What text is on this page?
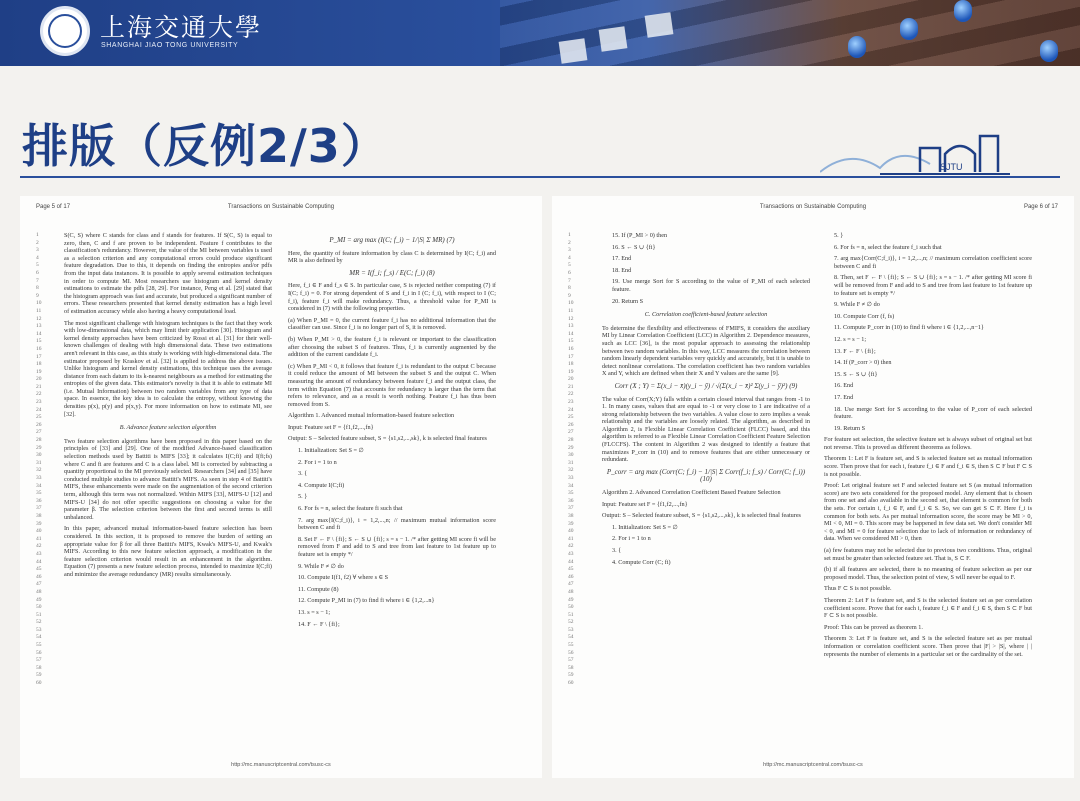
上海交通大學
SHANGHAI JIAO TONG UNIVERSITY
排版（反例2/3）	SJTU
Page 5 of 17	Transactions on Sustainable Computing
1
2
3
4
5
6
7
8
9
10
11
12
13
14
15
16
17
18
19
20
21
22
23
24
25
26
27
28
29
30
31
32
33
34
35
36
37
38
39
40
41
42
43
44
45
46
47
48
49
50
51
52
53
54
55
56
57
58
59
60

S(C, S) where C stands for class and f stands for features. If S(C, S) is equal to zero, then, C and f are proven to be independent. Feature f contributes to the classification's redundancy. However, the value of the MI between variables is used as a selection criterion and any computational errors could produce significant feature degradation. Due to this, it depends on finding the entropies and/or pdfs from the input data instances. It is possible to apply several estimation techniques in order to compute MI. Most researchers use histogram and kernel density estimations to estimate the pdfs [28, 29]. For instance, Peng et al. [29] stated that the histogram approach was fast and accurate, but produced a significant number of errors. These researchers presented that kernel density estimation has a high level of estimation accuracy while also having a heavy computational load.

The most significant challenge with histogram techniques is the fact that they work with low-dimensional data, which may limit their application [30]. Histogram and kernel density approaches have been criticized by Rossi et al. [31] for their well-known challenges of dealing with high dimensional data. These two estimations aren't relevant in this case, as this study is working with high-dimensional data. The estimator proposed by Kraskov et al. [32] is applied to address the above issues. Unlike histogram and kernel density estimations, this technique uses the average distance from each datum to its k-nearest neighbours as a method for estimating the entropies of the given data. This estimator's novelty is that it is able to estimate MI (i.e. Mutual Information) between two random variables from any type of data space. In essence, the key idea is to calculate the entropy, without knowing the densities p(x), p(y) and p(x,y). For more information on how to estimate MI, see [32].

B. Advance feature selection algorithm

Two feature selection algorithms have been proposed in this paper based on the principles of [33] and [29]. One of the modified Advance-based classification selection methods used by Battiti is MIFS [33]; it calculates I(C;fi) and I(fi;fs) where C and fi are features and C is a class label. MI is corrected by subtracting a quantity proportional to the MI previously selected. Researchers [34] and [35] have conducted multiple studies to advance Battiti's MIFS. As seen in step 4 of Battiti's MIFS, these enhancements were made on the augmentation of the second criterion term, although this term was not normalized. Within MIFS [33], MIFS-U [12] and MIFS-U [34] do not offer specific suggestions on choosing a value for the parameter β. The selection criterion between the first and second terms is still unbalanced.

In this paper, advanced mutual information-based feature selection has been considered. In this section, it is proposed to remove the burden of setting an appropriate value for β for all three Battiti's MIFS, Kwak's MIFS-U, and Kwak's MIFS. According to this new feature selection approach, a modification in the feature selection criterion would result in an enhancement in the algorithm. Equation (7) presents a new feature selection process, intended to maximize I(C;fi) and minimize the average redundancy (MR) results simultaneously.

P_MI = arg max (I(C; f_i) − 1/|S| Σ MR) (7)

Here, the quantity of feature information by class C is determined by I(C; f_i) and MR is also defined by

MR = I(f_i; f_s) / E(C; f_i) (8)

Here, f_i ∈ F and f_s ∈ S. In particular case, S is rejected neither computing (7) if I(C; f_i) = 0. For strong dependent of S and f_i in I (C; f_i), with respect to I (C; f_i), feature f_i will make redundancy. Thus, a threshold value for P_MI is considered in (7) with the following properties.

(a) When P_MI = 0, the current feature f_i has no additional information that the classifier can use. Since f_i is no longer part of S, it is removed.

(b) When P_MI > 0, the feature f_i is relevant or important to the classification after choosing the subset S of features. Thus, f_i is currently augmented by the addition of the current candidate f_i.

(c) When P_MI < 0, it follows that feature f_i is redundant to the output C because it could reduce the amount of MI between the subset S and the output C. When measuring the amount of redundancy between feature f_i and the output class, the term within Equation (7) that accounts for redundancy is larger than the term that refers to relevance, and as a result is worth nothing. Feature f_i has thus been removed from S.

Algorithm 1. Advanced mutual information-based feature selection

Input: Feature set F = {f1,f2,...,fn}

Output: S – Selected feature subset, S = {s1,s2,...,sk}, k is selected final features

1. Initialization: Set S = ∅

2. For i = 1 to n

3. {

4. Compute I(C;fi)

5. }

6. For fs = n, select the feature fi such that

7. arg max{I(C;f_i)}, i = 1,2,...,n; // maximum mutual information score between C and fi

8. Set F ← F \ {fi}; S ← S ∪ {fi}; s = s − 1. /* after getting MI score fi will be removed from F and add to S and tree from last feature to 1st feature up to feature set is empty */

9. While F ≠ ∅ do

10. Compute I(f1, f2) ∀ where s ∈ S

11. Compute (8)

12. Compute P_MI in (7) to find fi where i ∈ {1,2,...n}

13. s = s − 1;

14. F ← F \ {fi};

http://mc.manuscriptcentral.com/tsusc-cs
Transactions on Sustainable Computing	Page 6 of 17
1
2
3
4
5
6
7
8
9
10
11
12
13
14
15
16
17
18
19
20
21
22
23
24
25
26
27
28
29
30
31
32
33
34
35
36
37
38
39
40
41
42
43
44
45
46
47
48
49
50
51
52
53
54
55
56
57
58
59
60

15. If (P_MI > 0) then

16. S ← S ∪ {fi}

17. End

18. End

19. Use merge Sort for S according to the value of P_MI of each selected feature.

20. Return S

C. Correlation coefficient-based feature selection

To determine the flexibility and effectiveness of FMIFS, it considers the auxiliary MI by Linear Correlation Coefficient (LCC) in Algorithm 2. Dependence measures, such as LCC [36], is the most popular approach to assessing the relationship between two random variables. In this way, LCC measures the correlation between random linearly dependent variables very quickly and accurately, but it is unable to detect nonlinear correlations. The correlation coefficient has two random variables X and Y, which are defined when their X and Y values are the same [9].

Corr (X ; Y) = Σ(x_i − x̄)(y_i − ȳ) / √(Σ(x_i − x̄)² Σ(y_i − ȳ)²) (9)

The value of Corr(X;Y) falls within a certain closed interval that ranges from -1 to 1. In many cases, values that are equal to -1 or very close to 1 are indicative of a strong relationship between the two variables. A value close to zero implies a weak relationship and the variables are loosely related. The algorithm, as described in Algorithm 2, is Flexible Linear Correlation Coefficient (FLCC) based, and this algorithm is referred to as Flexible Linear Correlation Coefficient Feature Selection (FLCCFS). The content in Algorithm 2 was designed to identify a feature that maximizes P_corr in (10) and to remove features that are either unnecessary or redundant.

P_corr = arg max (Corr(C; f_i) − 1/|S| Σ Corr(f_i; f_s) / Corr(C; f_i)) (10)

Algorithm 2. Advanced Correlation Coefficient Based Feature Selection

Input: Feature set F = {f1,f2,...,fn}

Output: S – Selected feature subset, S = {s1,s2,...,sk}, k is selected final features

1. Initialization: Set S = ∅

2. For i = 1 to n

3. {

4. Compute Corr (C; fi)

5. }

6. For fs = n, select the feature f_i such that

7. arg max{Corr(C;f_i)}, i = 1,2,...,n; // maximum correlation coefficient score between C and fi

8. Then, set F ← F \ {fi}; S ← S ∪ {fi}; s = s − 1. /* after getting MI score fi will be removed from F and add to S and tree from last feature to 1st feature up to feature set is empty */

9. While F ≠ ∅ do

10. Compute Corr (f, fs)

11. Compute P_corr in (10) to find fi where i ∈ {1,2,...,n−1}

12. s = s − 1;

13. F ← F \ {fi};

14. If (P_corr > 0) then

15. S ← S ∪ {fi}

16. End

17. End

18. Use merge Sort for S according to the value of P_corr of each selected feature.

19. Return S

For feature set selection, the selective feature set is always subset of original set but not reverse. This is proved as different theorems as follows.

Theorem 1: Let F is feature set, and S is selected feature set as mutual information score. Then prove that for each i, feature f_i ∈ F and f_i ∈ S, then S ⊂ F but F ⊂ S is not possible.

Proof: Let original feature set F and selected feature set S (as mutual information score) are two sets considered for the proposed model. Any element that is chosen from one set and also available in the second set, that element is common for both the sets. For certain i, f_i ∈ F, and f_i ∈ S. So, we can get S ⊂ F. Here f_i is common for both sets. As per mutual information score, the score may be MI > 0, MI < 0, MI = 0. This score may be happened in few data set. We don't consider MI < 0, and MI = 0 for feature selection due to lack of information or redundancy of data. When we considered MI > 0, then

(a) few features may not be selected due to previous two conditions. Thus, original set must be greater than selected feature set. That is, S ⊂ F.

(b) if all features are selected, there is no meaning of feature selection as per our proposed model. Thus, the selection point of view, S will never be equal to F.

Thus F ⊂ S is not possible.

Theorem 2: Let F is feature set, and S is the selected feature set as per correlation coefficient score. Prove that for each i, feature f_i ∈ F and f_i ∈ S, then S ⊂ F but F ⊂ S is not possible.

Proof: This can be proved as theorem 1.

Theorem 3: Let F is feature set, and S is the selected feature set as per mutual information or correlation coefficient score. Then prove that |F| > |S|, where | | represents the number of elements in a particular set or the cardinality of the set.

http://mc.manuscriptcentral.com/tsusc-cs
